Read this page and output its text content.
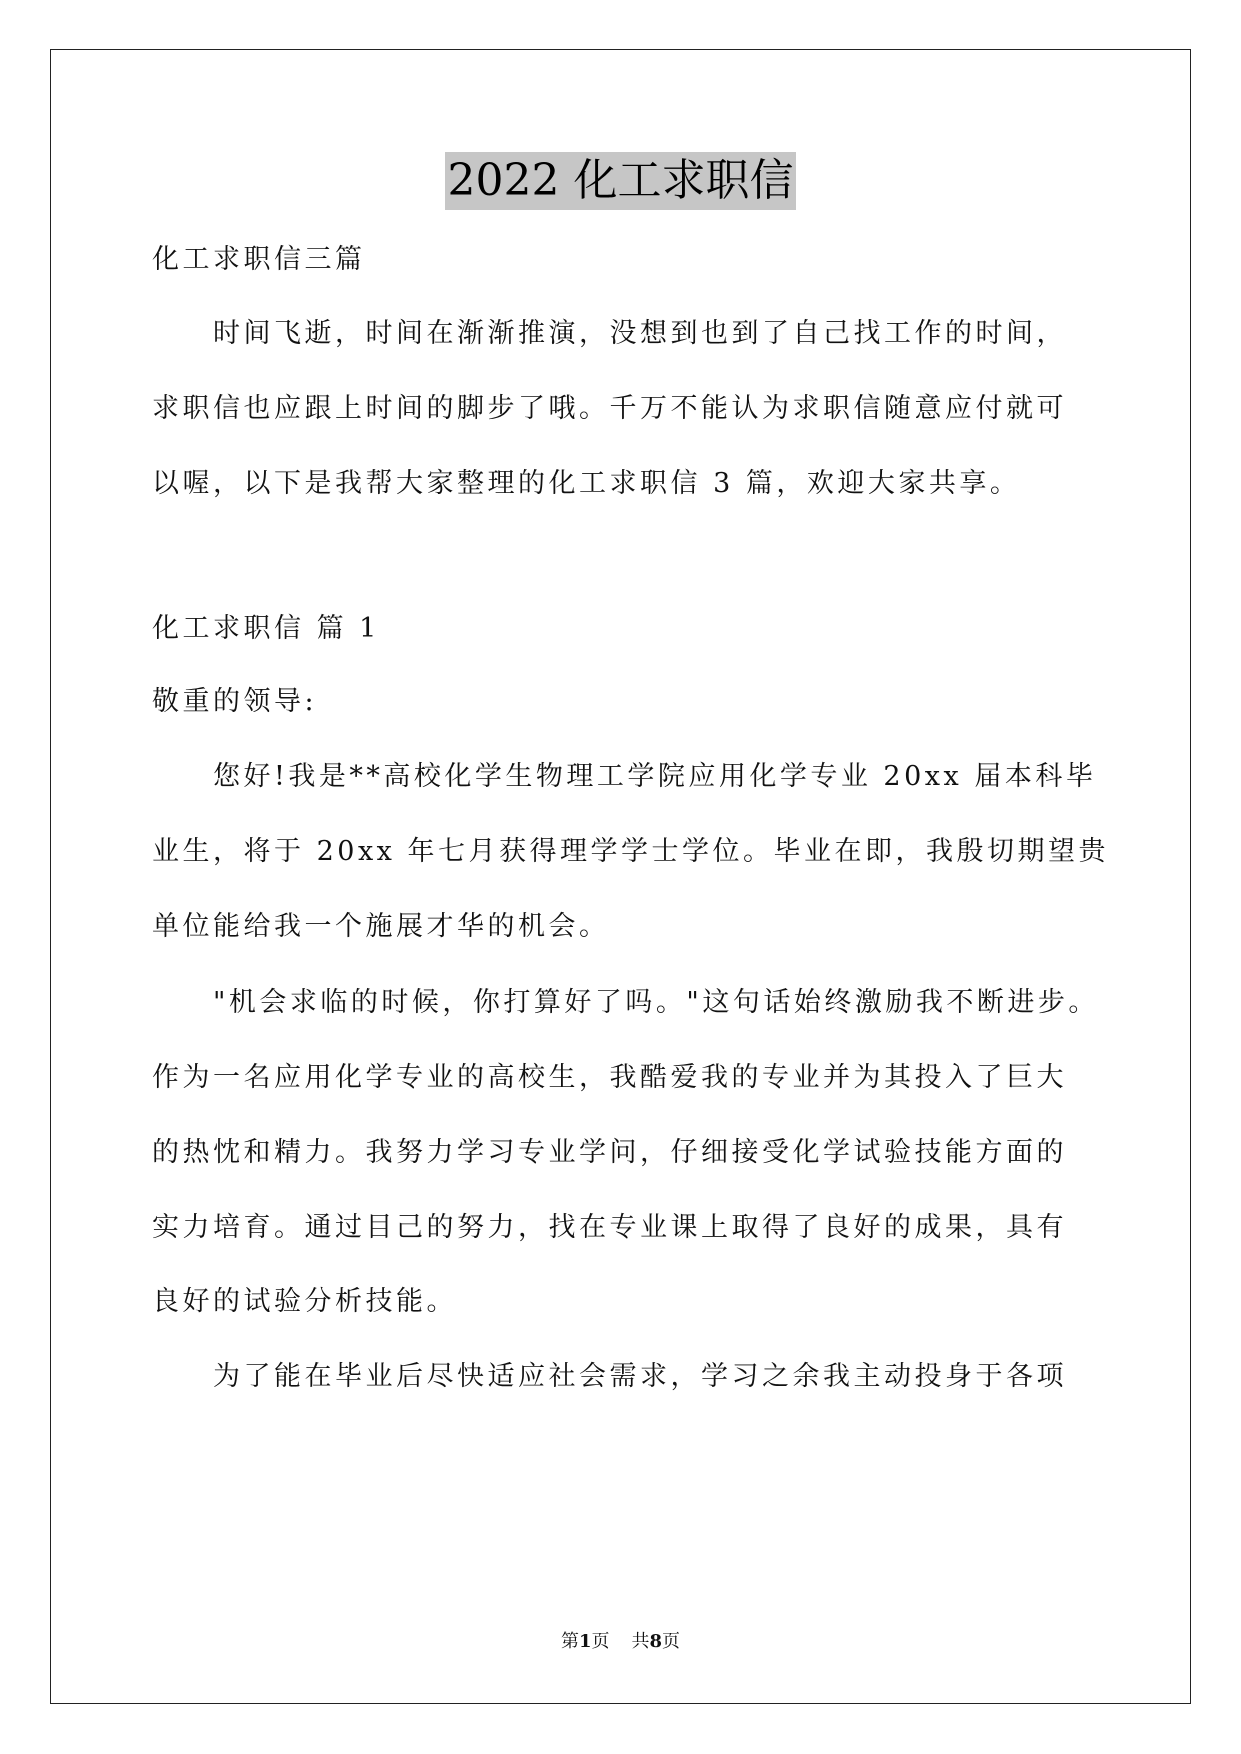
2022 化工求职信
化工求职信三篇
　　时间飞逝，时间在渐渐推演，没想到也到了自己找工作的时间，
求职信也应跟上时间的脚步了哦。千万不能认为求职信随意应付就可
以喔，以下是我帮大家整理的化工求职信 3 篇，欢迎大家共享。
化工求职信 篇 1
敬重的领导:
　　您好!我是**高校化学生物理工学院应用化学专业 20xx 届本科毕
业生，将于 20xx 年七月获得理学学士学位。毕业在即，我殷切期望贵
单位能给我一个施展才华的机会。
　　"机会求临的时候，你打算好了吗。"这句话始终激励我不断进步。
作为一名应用化学专业的高校生，我酷爱我的专业并为其投入了巨大
的热忱和精力。我努力学习专业学问，仔细接受化学试验技能方面的
实力培育。通过目己的努力，找在专业课上取得了良好的成果，具有
良好的试验分析技能。
　　为了能在毕业后尽快适应社会需求，学习之余我主动投身于各项
第1页 共8页
